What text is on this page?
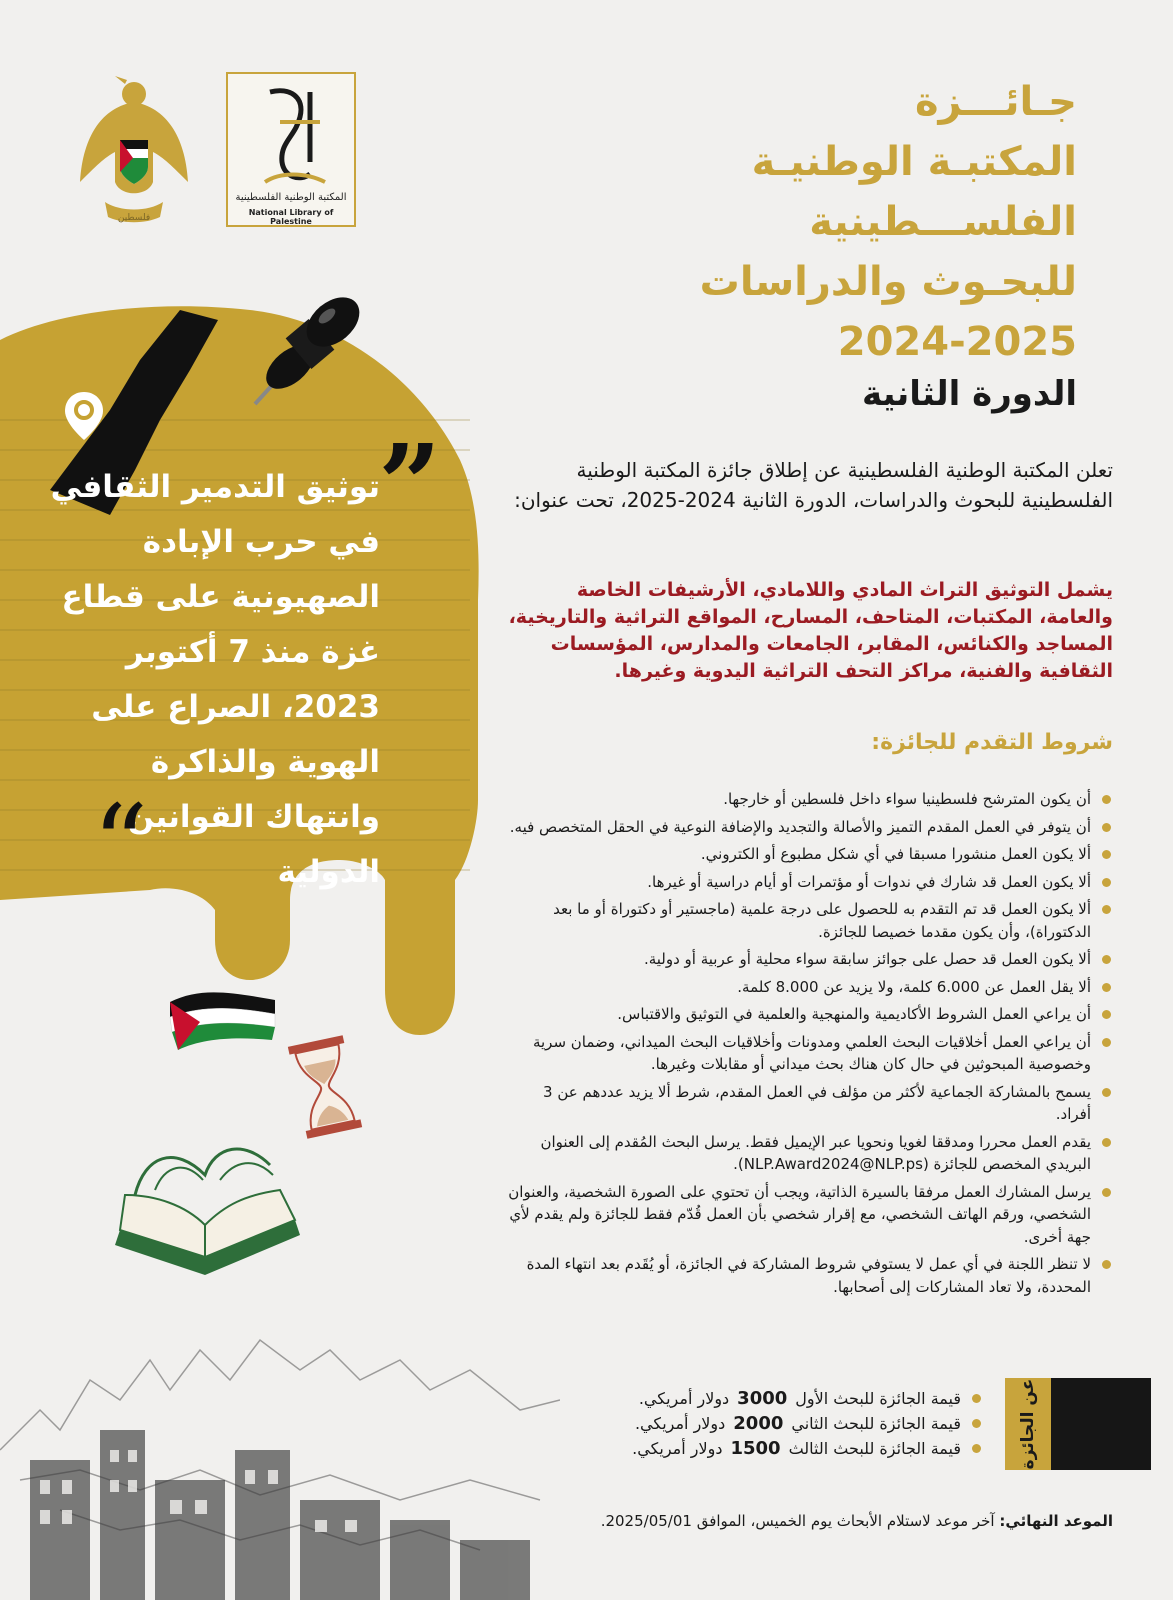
”
توثيق التدمير الثقافي في حرب الإبادة الصهيونية على قطاع غزة منذ 7 أكتوبر 2023، الصراع على الهوية والذاكرة وانتهاك القوانين الدولية
“
فلسطين
المكتبة الوطنية الفلسطينية
National Library of Palestine
جـائـــزة
المكتبـة الوطنيـة
الفلســـطينية
للبحـوث والدراسات
2024-2025
الدورة الثانية
تعلن المكتبة الوطنية الفلسطينية عن إطلاق جائزة المكتبة الوطنية الفلسطينية للبحوث والدراسات، الدورة الثانية 2024-2025، تحت عنوان:
يشمل التوثيق التراث المادي واللامادي، الأرشيفات الخاصة والعامة، المكتبات، المتاحف، المسارح، المواقع التراثية والتاريخية، المساجد والكنائس، المقابر، الجامعات والمدارس، المؤسسات الثقافية والفنية، مراكز التحف التراثية اليدوية وغيرها.
شروط التقدم للجائزة:
أن يكون المترشح فلسطينيا سواء داخل فلسطين أو خارجها.
أن يتوفر في العمل المقدم التميز والأصالة والتجديد والإضافة النوعية في الحقل المتخصص فيه.
ألا يكون العمل منشورا مسبقا في أي شكل مطبوع أو الكتروني.
ألا يكون العمل قد شارك في ندوات أو مؤتمرات أو أيام دراسية أو غيرها.
ألا يكون العمل قد تم التقدم به للحصول على درجة علمية (ماجستير أو دكتوراة أو ما بعد الدكتوراة)، وأن يكون مقدما خصيصا للجائزة.
ألا يكون العمل قد حصل على جوائز سابقة سواء محلية أو عربية أو دولية.
ألا يقل العمل عن 6.000 كلمة، ولا يزيد عن 8.000 كلمة.
أن يراعي العمل الشروط الأكاديمية والمنهجية والعلمية في التوثيق والاقتباس.
أن يراعي العمل أخلاقيات البحث العلمي ومدونات وأخلاقيات البحث الميداني، وضمان سرية وخصوصية المبحوثين في حال كان هناك بحث ميداني أو مقابلات وغيرها.
يسمح بالمشاركة الجماعية لأكثر من مؤلف في العمل المقدم، شرط ألا يزيد عددهم عن 3 أفراد.
يقدم العمل محررا ومدققا لغويا ونحويا عبر الإيميل فقط. يرسل البحث المُقدم إلى العنوان البريدي المخصص للجائزة (NLP.Award2024@NLP.ps).
يرسل المشارك العمل مرفقا بالسيرة الذاتية، ويجب أن تحتوي على الصورة الشخصية، والعنوان الشخصي، ورقم الهاتف الشخصي، مع إقرار شخصي بأن العمل قُدّم فقط للجائزة ولم يقدم لأي جهة أخرى.
لا تنظر اللجنة في أي عمل لا يستوفي شروط المشاركة في الجائزة، أو يُقَدم بعد انتهاء المدة المحددة، ولا تعاد المشاركات إلى أصحابها.
عن الجائزة
قيمة الجائزة للبحث الأول3000دولار أمريكي.
قيمة الجائزة للبحث الثاني2000دولار أمريكي.
قيمة الجائزة للبحث الثالث1500دولار أمريكي.
الموعد النهائي: آخر موعد لاستلام الأبحاث يوم الخميس، الموافق 2025/05/01.
